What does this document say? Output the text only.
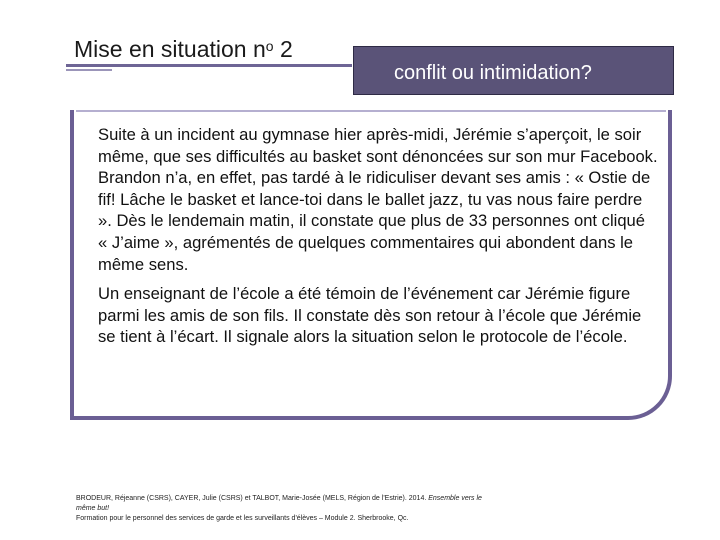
Mise en situation $n^o$ 2
conflit ou intimidation?

Suite à un incident au gymnase hier après-midi, Jérémie s’aperçoit, le soir même, que ses difficultés au basket sont dénoncées sur son mur Facebook. Brandon n’a, en effet, pas tardé à le ridiculiser devant ses amis : « Ostie de fif! Lâche le basket et lance-toi dans le ballet jazz, tu vas nous faire perdre ». Dès le lendemain matin, il constate que plus de 33 personnes ont cliqué « J’aime », agrémentés de quelques commentaires qui abondent dans le même sens.

Un enseignant de l’école a été témoin de l’événement car Jérémie figure parmi les amis de son fils. Il constate dès son retour à l’école que Jérémie se tient à l’écart. Il signale alors la situation selon le protocole de l’école.

BRODEUR, Réjeanne (CSRS), CAYER, Julie (CSRS) et TALBOT, Marie-Josée (MELS, Région de l'Estrie). 2014. Ensemble vers le
même but!
Formation pour le personnel des services de garde et les surveillants d'élèves – Module 2. Sherbrooke, Qc.
